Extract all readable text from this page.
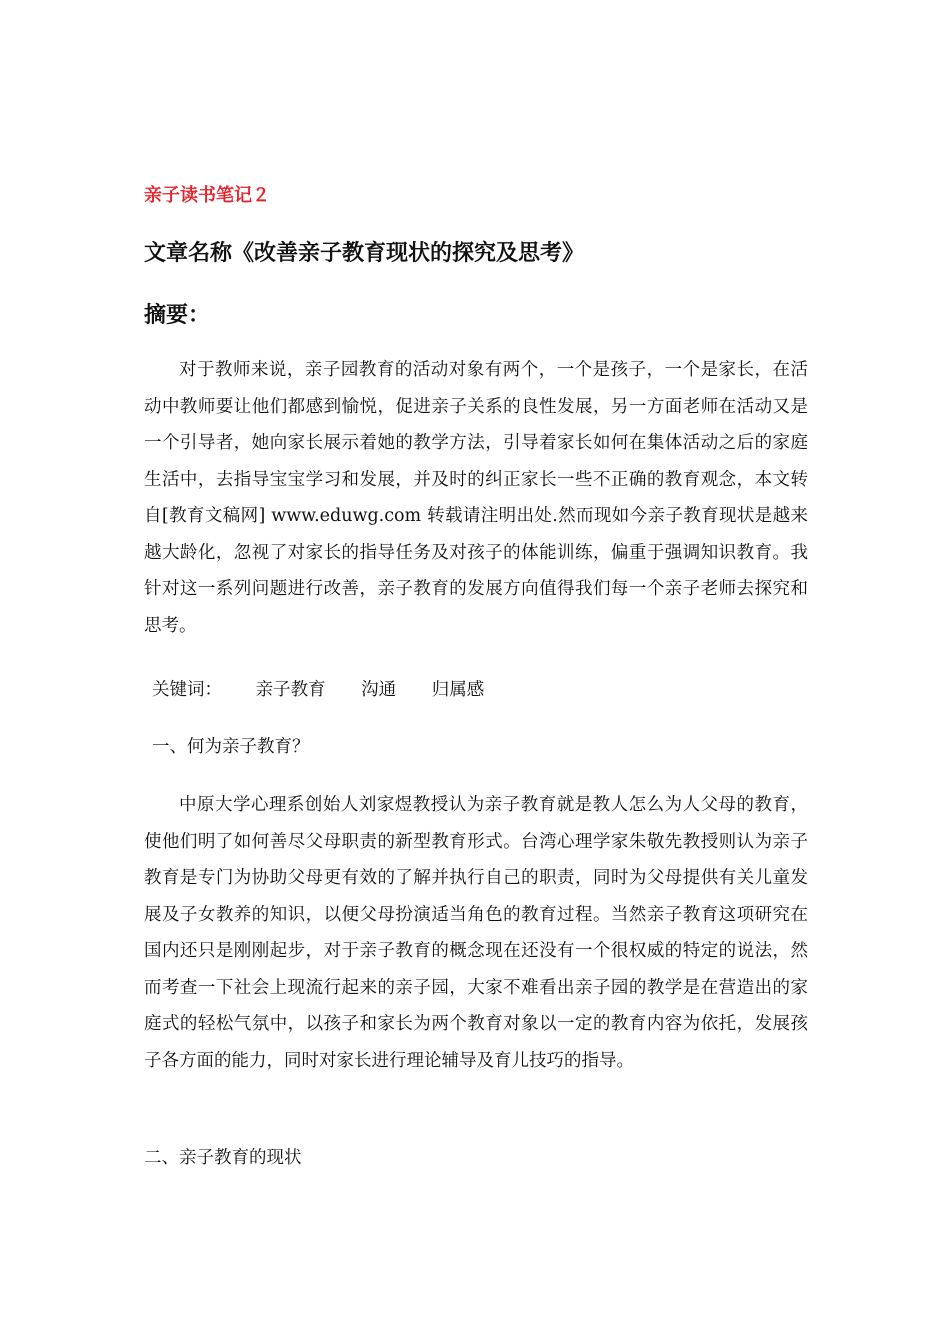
亲子读书笔记２
文章名称《改善亲子教育现状的探究及思考》
摘要：

对于教师来说，亲子园教育的活动对象有两个，一个是孩子，一个是家长，在活动中教师要让他们都感到愉悦，促进亲子关系的良性发展，另一方面老师在活动又是一个引导者，她向家长展示着她的教学方法，引导着家长如何在集体活动之后的家庭生活中，去指导宝宝学习和发展，并及时的纠正家长一些不正确的教育观念，本文转自[教育文稿网] www.eduwg.com 转载请注明出处.然而现如今亲子教育现状是越来越大龄化，忽视了对家长的指导任务及对孩子的体能训练，偏重于强调知识教育。我针对这一系列问题进行改善，亲子教育的发展方向值得我们每一个亲子老师去探究和思考。

关键词： 亲子教育 沟通 归属感
一、何为亲子教育？

中原大学心理系创始人刘家煜教授认为亲子教育就是教人怎么为人父母的教育，使他们明了如何善尽父母职责的新型教育形式。台湾心理学家朱敬先教授则认为亲子教育是专门为协助父母更有效的了解并执行自己的职责，同时为父母提供有关儿童发展及子女教养的知识，以便父母扮演适当角色的教育过程。当然亲子教育这项研究在国内还只是刚刚起步，对于亲子教育的概念现在还没有一个很权威的特定的说法，然而考查一下社会上现流行起来的亲子园，大家不难看出亲子园的教学是在营造出的家庭式的轻松气氛中，以孩子和家长为两个教育对象以一定的教育内容为依托，发展孩子各方面的能力，同时对家长进行理论辅导及育儿技巧的指导。

二、亲子教育的现状
